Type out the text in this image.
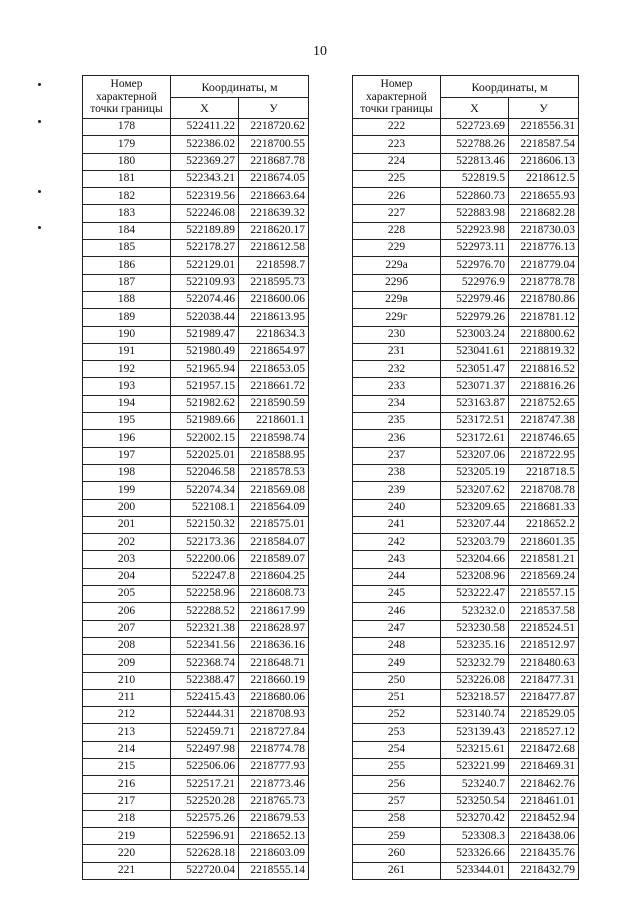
10
Номер характерной точки границы	Координаты, м	
	X	У
178	522411.22	2218720.62
179	522386.02	2218700.55
180	522369.27	2218687.78
181	522343.21	2218674.05
182	522319.56	2218663.64
183	522246.08	2218639.32
184	522189.89	2218620.17
185	522178.27	2218612.58
186	522129.01	2218598.7
187	522109.93	2218595.73
188	522074.46	2218600.06
189	522038.44	2218613.95
190	521989.47	2218634.3
191	521980.49	2218654.97
192	521965.94	2218653.05
193	521957.15	2218661.72
194	521982.62	2218590.59
195	521989.66	2218601.1
196	522002.15	2218598.74
197	522025.01	2218588.95
198	522046.58	2218578.53
199	522074.34	2218569.08
200	522108.1	2218564.09
201	522150.32	2218575.01
202	522173.36	2218584.07
203	522200.06	2218589.07
204	522247.8	2218604.25
205	522258.96	2218608.73
206	522288.52	2218617.99
207	522321.38	2218628.97
208	522341.56	2218636.16
209	522368.74	2218648.71
210	522388.47	2218660.19
211	522415.43	2218680.06
212	522444.31	2218708.93
213	522459.71	2218727.84
214	522497.98	2218774.78
215	522506.06	2218777.93
216	522517.21	2218773.46
217	522520.28	2218765.73
218	522575.26	2218679.53
219	522596.91	2218652.13
220	522628.18	2218603.09
221	522720.04	2218555.14
Номер характерной точки границы	Координаты, м	
	X	У
222	522723.69	2218556.31
223	522788.26	2218587.54
224	522813.46	2218606.13
225	522819.5	2218612.5
226	522860.73	2218655.93
227	522883.98	2218682.28
228	522923.98	2218730.03
229	522973.11	2218776.13
229а	522976.70	2218779.04
229б	522976.9	2218778.78
229в	522979.46	2218780.86
229г	522979.26	2218781.12
230	523003.24	2218800.62
231	523041.61	2218819.32
232	523051.47	2218816.52
233	523071.37	2218816.26
234	523163.87	2218752.65
235	523172.51	2218747.38
236	523172.61	2218746.65
237	523207.06	2218722.95
238	523205.19	2218718.5
239	523207.62	2218708.78
240	523209.65	2218681.33
241	523207.44	2218652.2
242	523203.79	2218601.35
243	523204.66	2218581.21
244	523208.96	2218569.24
245	523222.47	2218557.15
246	523232.0	2218537.58
247	523230.58	2218524.51
248	523235.16	2218512.97
249	523232.79	2218480.63
250	523226.08	2218477.31
251	523218.57	2218477.87
252	523140.74	2218529.05
253	523139.43	2218527.12
254	523215.61	2218472.68
255	523221.99	2218469.31
256	523240.7	2218462.76
257	523250.54	2218461.01
258	523270.42	2218452.94
259	523308.3	2218438.06
260	523326.66	2218435.76
261	523344.01	2218432.79
